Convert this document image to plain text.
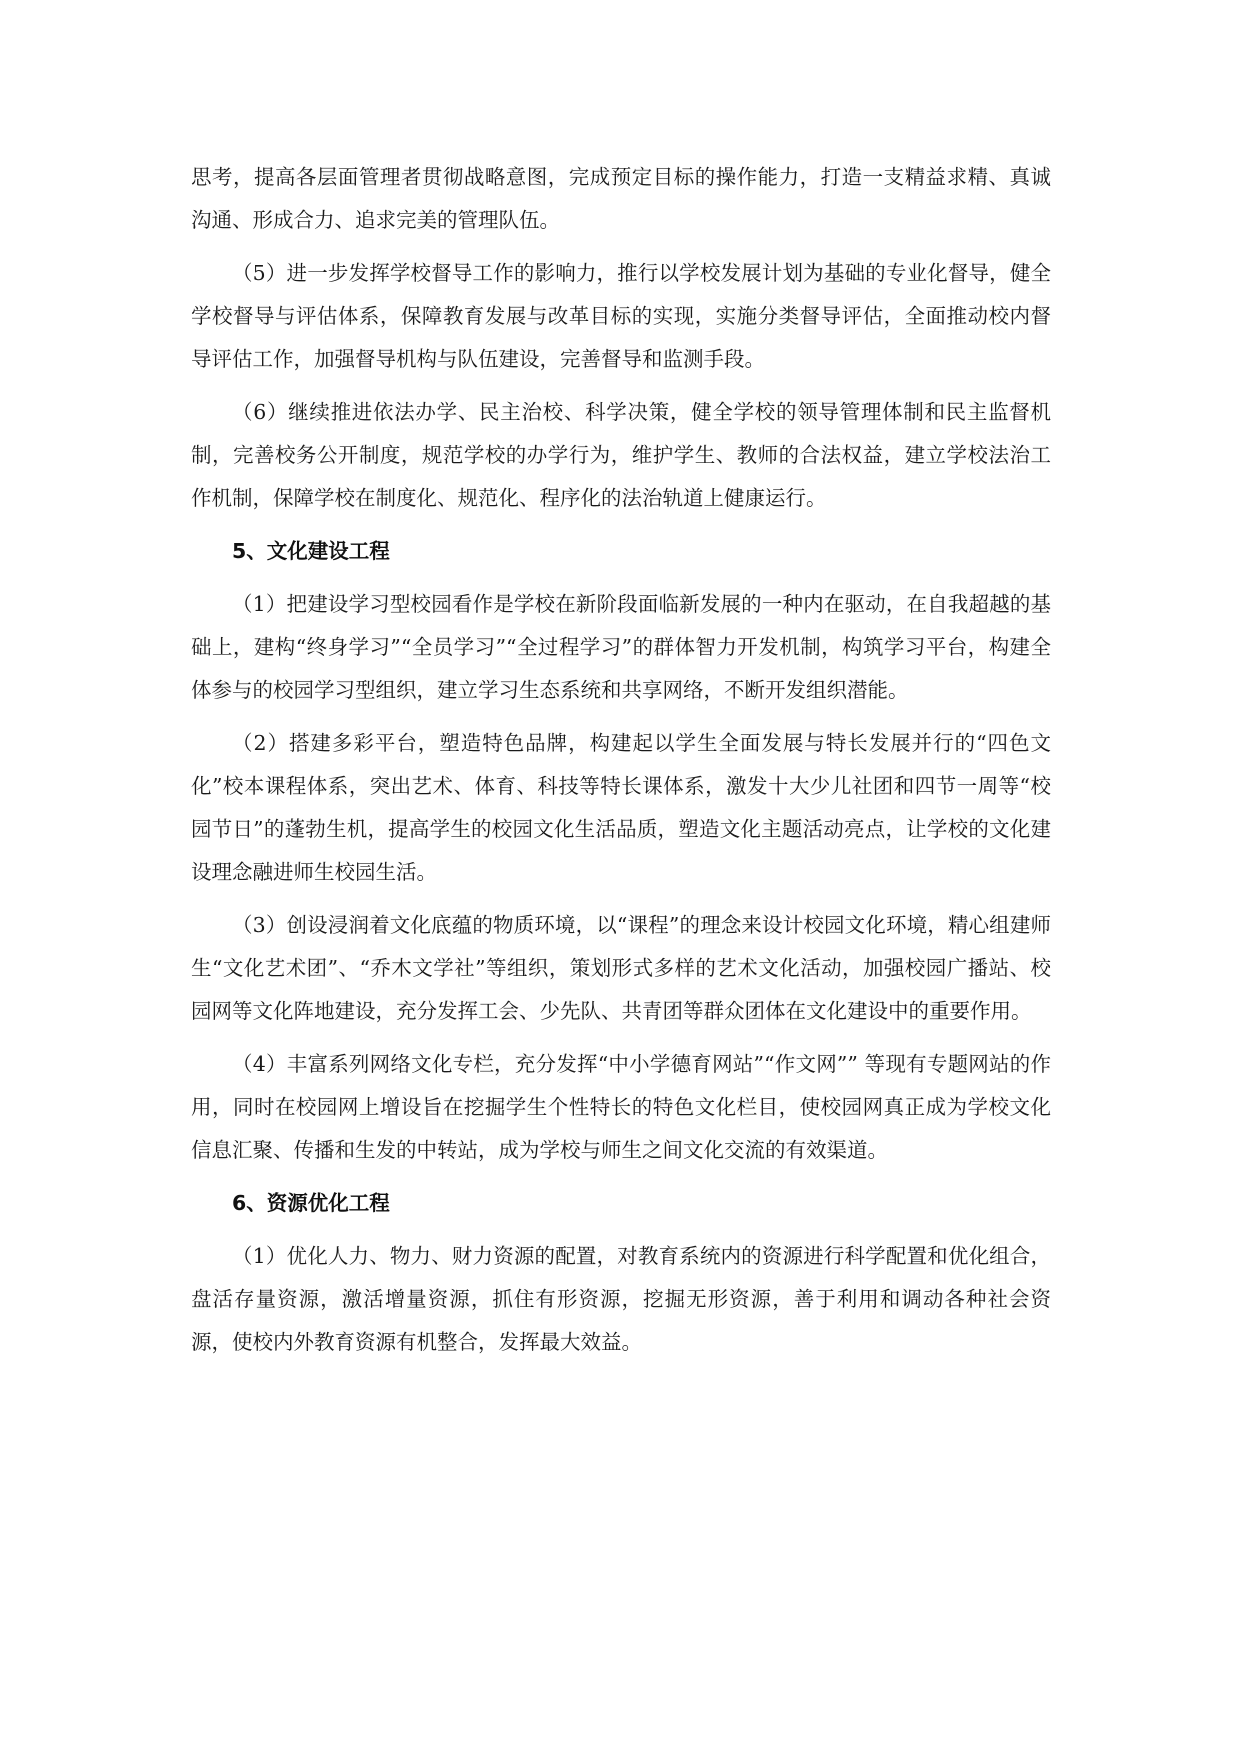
思考，提高各层面管理者贯彻战略意图，完成预定目标的操作能力，打造一支精益求精、真诚沟通、形成合力、追求完美的管理队伍。

（5）进一步发挥学校督导工作的影响力，推行以学校发展计划为基础的专业化督导，健全学校督导与评估体系，保障教育发展与改革目标的实现，实施分类督导评估，全面推动校内督导评估工作，加强督导机构与队伍建设，完善督导和监测手段。

（6）继续推进依法办学、民主治校、科学决策，健全学校的领导管理体制和民主监督机制，完善校务公开制度，规范学校的办学行为，维护学生、教师的合法权益，建立学校法治工作机制，保障学校在制度化、规范化、程序化的法治轨道上健康运行。

5、文化建设工程

（1）把建设学习型校园看作是学校在新阶段面临新发展的一种内在驱动，在自我超越的基础上，建构“终身学习”“全员学习”“全过程学习”的群体智力开发机制，构筑学习平台，构建全体参与的校园学习型组织，建立学习生态系统和共享网络，不断开发组织潜能。

（2）搭建多彩平台，塑造特色品牌，构建起以学生全面发展与特长发展并行的“四色文化”校本课程体系，突出艺术、体育、科技等特长课体系，激发十大少儿社团和四节一周等“校园节日”的蓬勃生机，提高学生的校园文化生活品质，塑造文化主题活动亮点，让学校的文化建设理念融进师生校园生活。

（3）创设浸润着文化底蕴的物质环境，以“课程”的理念来设计校园文化环境，精心组建师生“文化艺术团”、“乔木文学社”等组织，策划形式多样的艺术文化活动，加强校园广播站、校园网等文化阵地建设，充分发挥工会、少先队、共青团等群众团体在文化建设中的重要作用。

（4）丰富系列网络文化专栏，充分发挥“中小学德育网站”“作文网”” 等现有专题网站的作用，同时在校园网上增设旨在挖掘学生个性特长的特色文化栏目，使校园网真正成为学校文化信息汇聚、传播和生发的中转站，成为学校与师生之间文化交流的有效渠道。

6、资源优化工程

（1）优化人力、物力、财力资源的配置，对教育系统内的资源进行科学配置和优化组合，盘活存量资源，激活增量资源，抓住有形资源，挖掘无形资源，善于利用和调动各种社会资源，使校内外教育资源有机整合，发挥最大效益。
